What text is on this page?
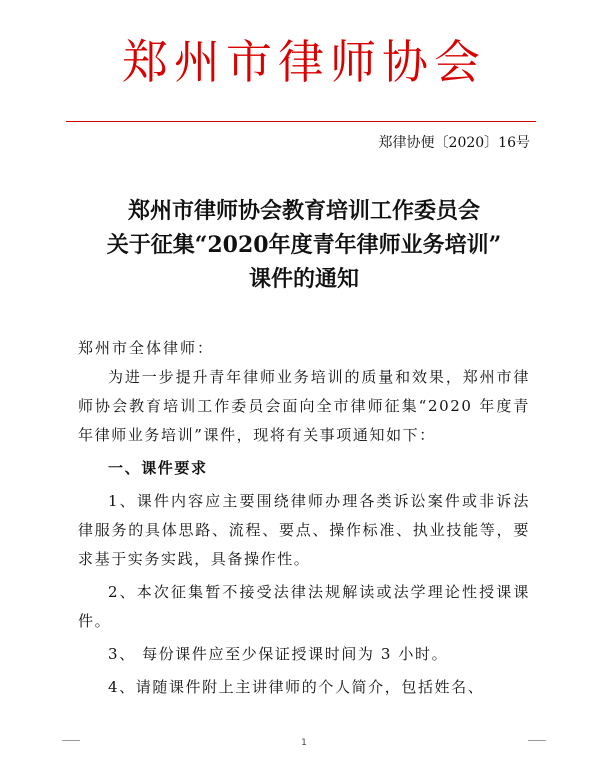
郑州市律师协会
郑律协便〔2020〕16号
郑州市律师协会教育培训工作委员会
关于征集“2020年度青年律师业务培训”
课件的通知

郑州市全体律师：

为进一步提升青年律师业务培训的质量和效果，郑州市律师协会教育培训工作委员会面向全市律师征集“2020 年度青年律师业务培训”课件，现将有关事项通知如下：

一、课件要求

1、课件内容应主要围绕律师办理各类诉讼案件或非诉法律服务的具体思路、流程、要点、操作标准、执业技能等，要求基于实务实践，具备操作性。

2、本次征集暂不接受法律法规解读或法学理论性授课课件。

3、 每份课件应至少保证授课时间为 3 小时。

4、请随课件附上主讲律师的个人简介，包括姓名、

1
